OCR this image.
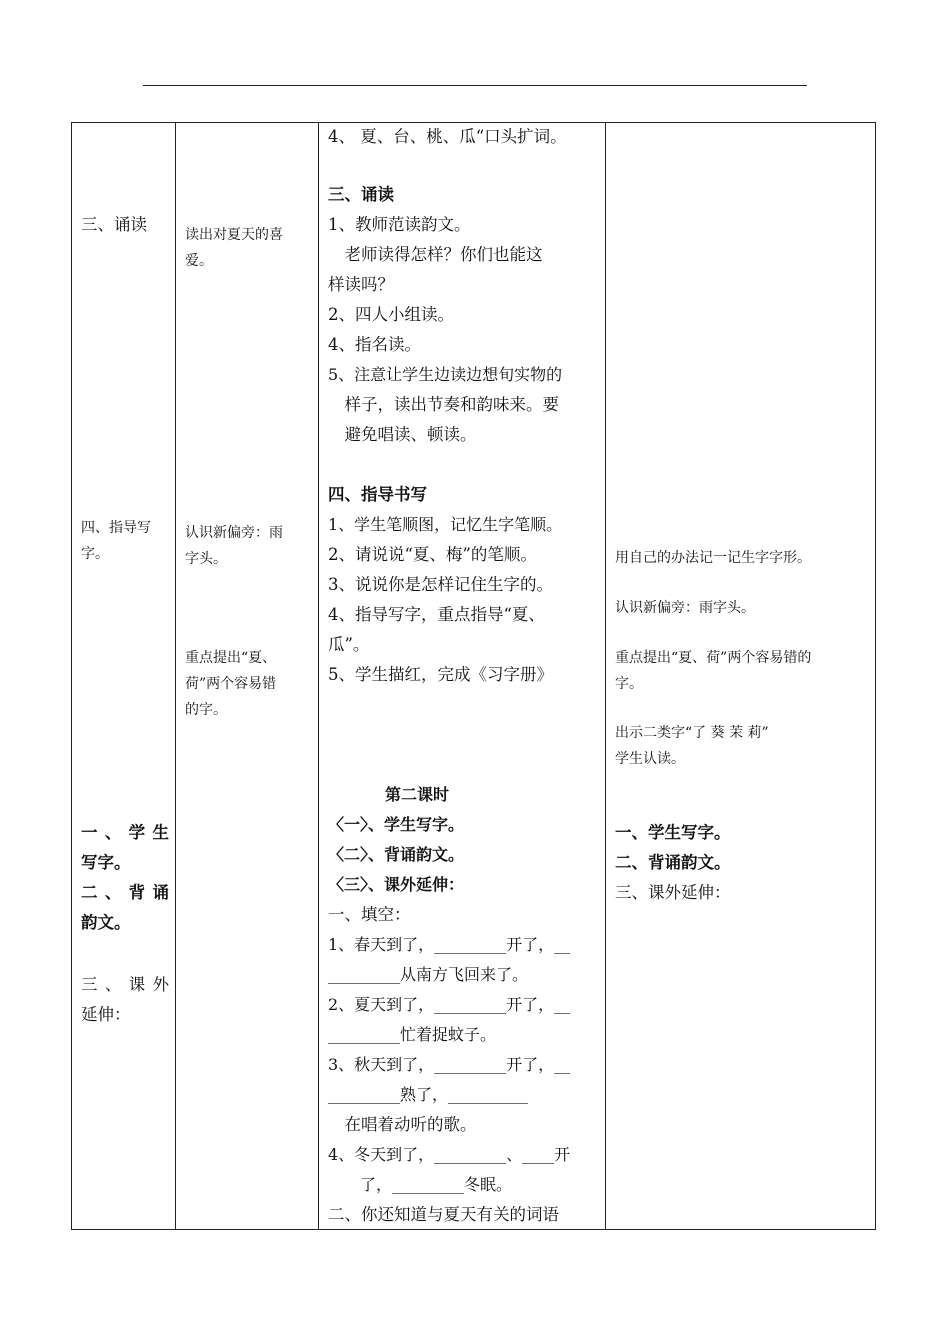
三、诵读
四、指导写
字。
一、学生
写字。
二、背诵
韵文。
三、课外
延伸：
读出对夏天的喜
爱。
认识新偏旁：雨
字头。
重点提出“夏、
荷”两个容易错
的字。
4、 夏、台、桃、瓜“口头扩词。
三、诵读
1、教师范读韵文。
　老师读得怎样？你们也能这
样读吗？
2、四人小组读。
4、指名读。
5、注意让学生边读边想旬实物的
　样子，读出节奏和韵味来。要
　避免唱读、顿读。
四、指导书写
1、学生笔顺图，记忆生字笔顺。
2、请说说“夏、梅”的笔顺。
3、说说你是怎样记住生字的。
4、指导写字，重点指导“夏、
瓜”。
5、学生描红，完成《习字册》
第二课时
〈一〉、学生写字。
〈二〉、背诵韵文。
〈三〉、课外延伸：
一、填空：
1、春天到了，_________开了，__
_________从南方飞回来了。
2、夏天到了，_________开了，__
_________忙着捉蚊子。
3、秋天到了，_________开了，__
_________熟了，__________
　在唱着动听的歌。
4、冬天到了，_________、____开
　　了，_________冬眠。
二、你还知道与夏天有关的词语
用自己的办法记一记生字字形。
认识新偏旁：雨字头。
重点提出“夏、荷”两个容易错的
字。
出示二类字“了 葵 茉 莉”
学生认读。
一、学生写字。
二、背诵韵文。
三、课外延伸：
